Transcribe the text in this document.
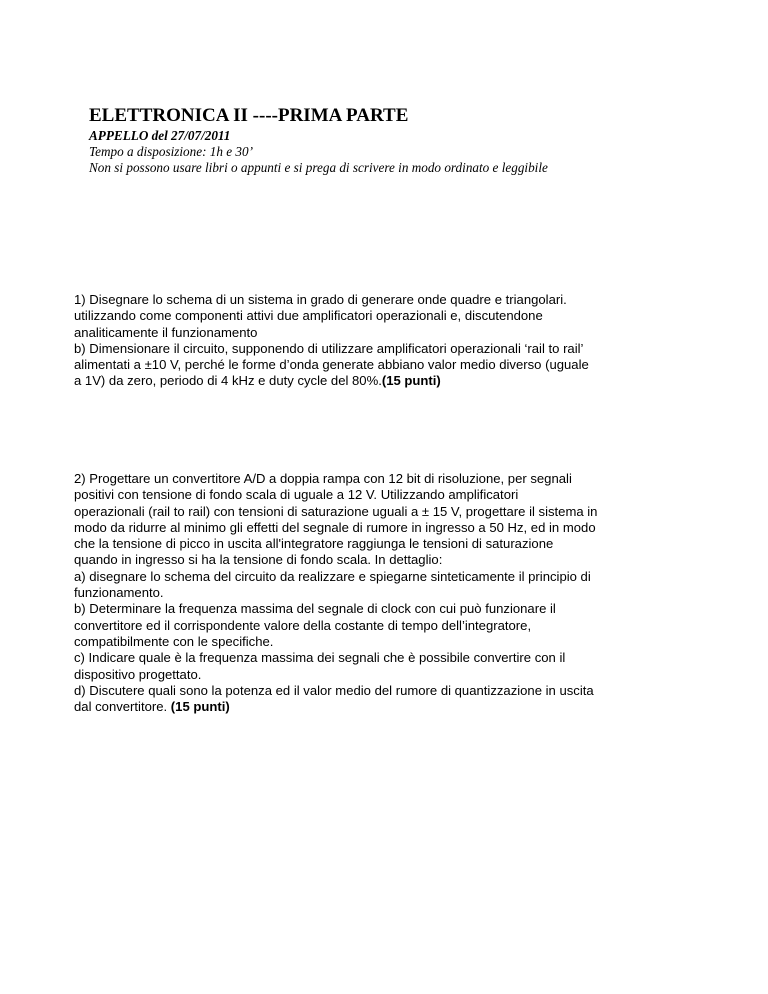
ELETTRONICA II ----PRIMA PARTE

APPELLO del 27/07/2011

Tempo a disposizione: 1h e 30’

Non si possono usare libri o appunti e si prega di scrivere in modo ordinato e leggibile

1) Disegnare lo schema di un sistema in grado di generare onde quadre e triangolari.
utilizzando come componenti attivi due amplificatori operazionali e, discutendone
analiticamente il funzionamento
b) Dimensionare il circuito, supponendo di utilizzare amplificatori operazionali ‘rail to rail’
alimentati a ±10 V, perché le forme d’onda generate abbiano valor medio diverso (uguale
a 1V) da zero, periodo di 4 kHz e duty cycle del 80%.(15 punti)
2) Progettare un convertitore A/D a doppia rampa con 12 bit di risoluzione, per segnali
positivi con tensione di fondo scala di uguale a 12 V. Utilizzando amplificatori
operazionali (rail to rail) con tensioni di saturazione uguali a ± 15 V, progettare il sistema in
modo da ridurre al minimo gli effetti del segnale di rumore in ingresso a 50 Hz, ed in modo
che la tensione di picco in uscita all'integratore raggiunga le tensioni di saturazione
quando in ingresso si ha la tensione di fondo scala. In dettaglio:
a) disegnare lo schema del circuito da realizzare e spiegarne sinteticamente il principio di
funzionamento.
b) Determinare la frequenza massima del segnale di clock con cui può funzionare il
convertitore ed il corrispondente valore della costante di tempo dell’integratore,
compatibilmente con le specifiche.
c) Indicare quale è la frequenza massima dei segnali che è possibile convertire con il
dispositivo progettato.
d) Discutere quali sono la potenza ed il valor medio del rumore di quantizzazione in uscita
dal convertitore. (15 punti)
